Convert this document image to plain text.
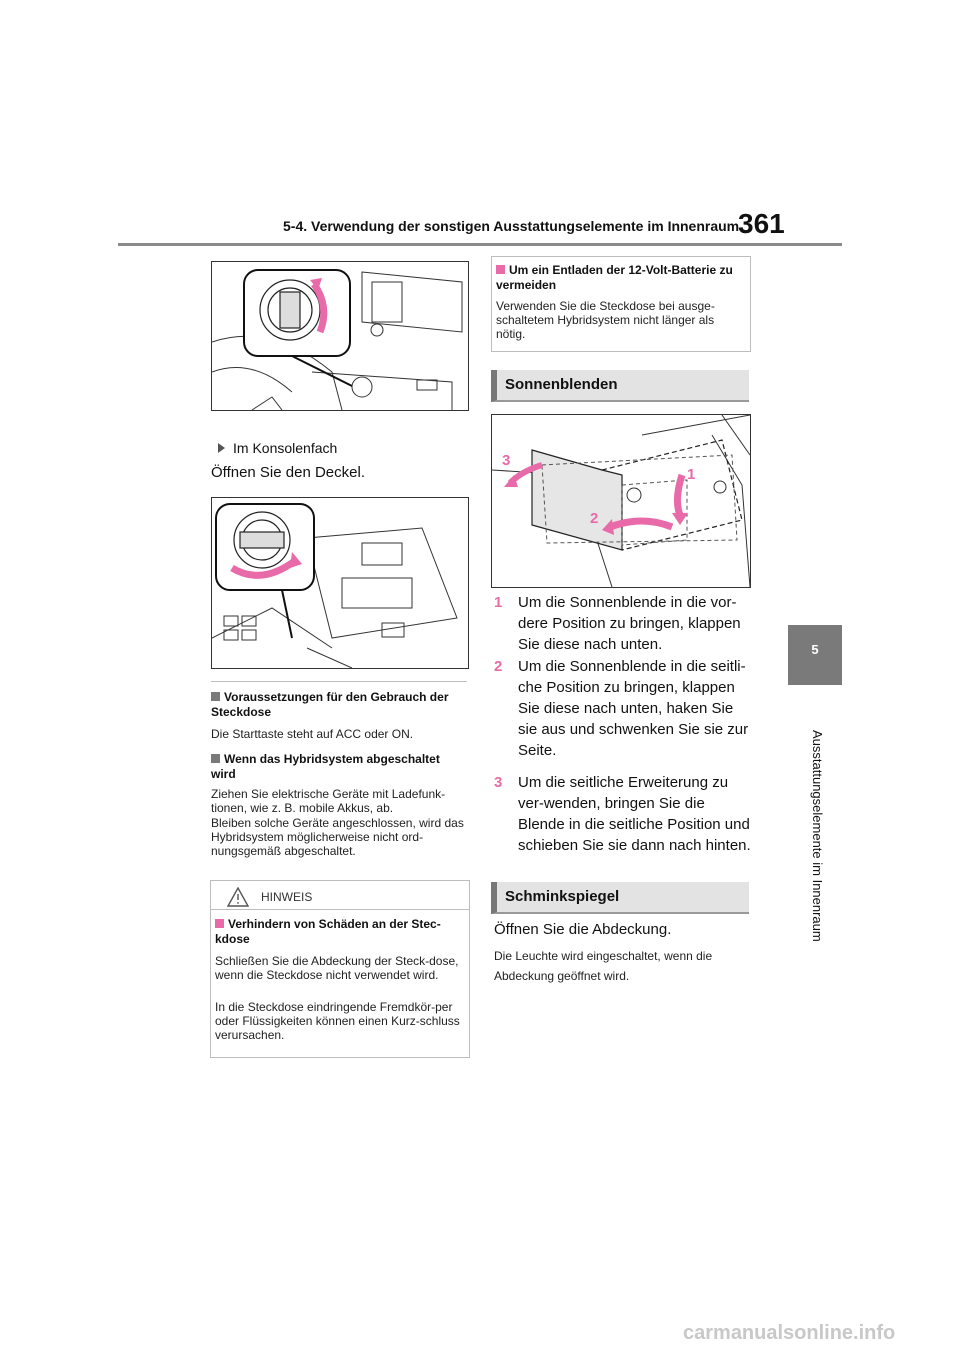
5-4. Verwendung der sonstigen Ausstattungselemente im Innenraum
361
5
Ausstattungselemente im Innenraum
Im Konsolenfach
Öffnen Sie den Deckel.
Voraussetzungen für den Gebrauch der Steckdose
Die Starttaste steht auf ACC oder ON.
Wenn das Hybridsystem abgeschaltet wird
Ziehen Sie elektrische Geräte mit Ladefunk-tionen, wie z. B. mobile Akkus, ab.
Bleiben solche Geräte angeschlossen, wird das Hybridsystem möglicherweise nicht ord-nungsgemäß abgeschaltet.
HINWEIS
Verhindern von Schäden an der Stec-kdose
Schließen Sie die Abdeckung der Steck-dose, wenn die Steckdose nicht verwendet wird.
In die Steckdose eindringende Fremdkör-per oder Flüssigkeiten können einen Kurz-schluss verursachen.
Um ein Entladen der 12-Volt-Batterie zu vermeiden
Verwenden Sie die Steckdose bei ausge-schaltetem Hybridsystem nicht länger als nötig.
Sonnenblenden
1
2
3
1 Um die Sonnenblende in die vor-dere Position zu bringen, klappen Sie diese nach unten.
2 Um die Sonnenblende in die seitli-che Position zu bringen, klappen Sie diese nach unten, haken Sie sie aus und schwenken Sie sie zur Seite.
3 Um die seitliche Erweiterung zu ver-wenden, bringen Sie die Blende in die seitliche Position und schieben Sie sie dann nach hinten.
Schminkspiegel
Öffnen Sie die Abdeckung.
Die Leuchte wird eingeschaltet, wenn die Abdeckung geöffnet wird.
carmanualsonline.info
